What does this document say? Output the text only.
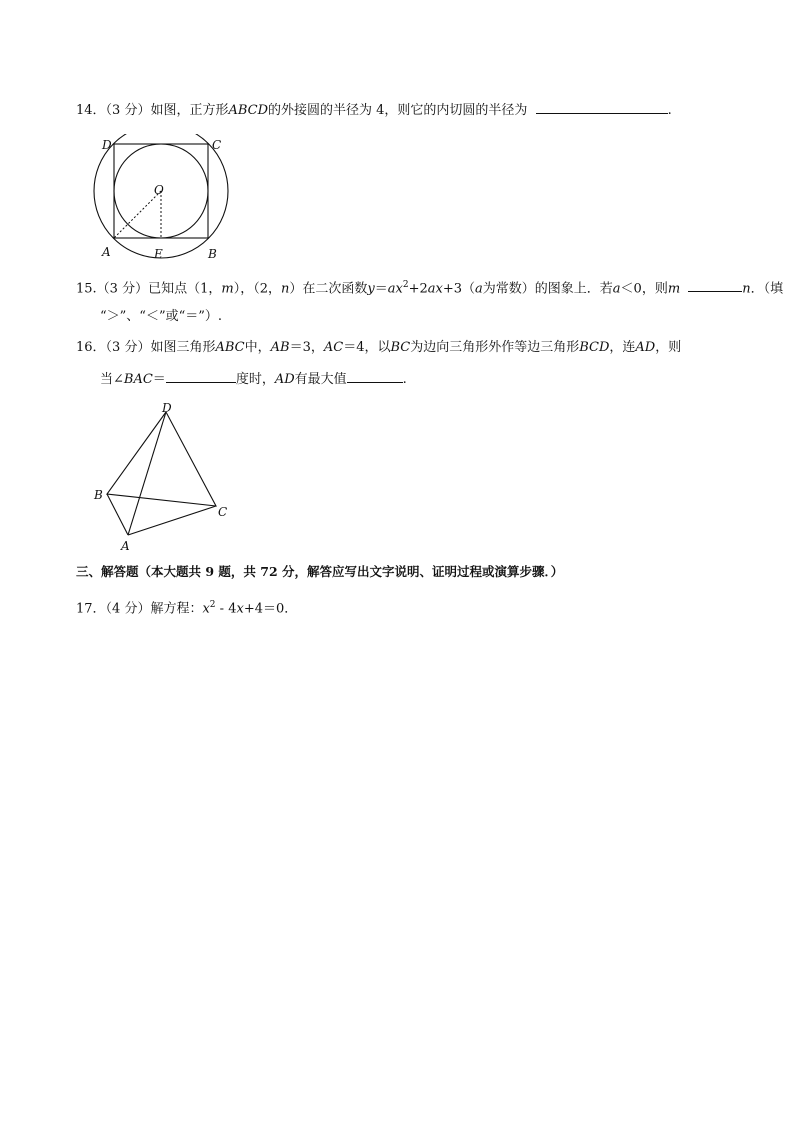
14．（3 分）如图，正方形ABCD的外接圆的半径为 4，则它的内切圆的半径为	.
D	C
O
A	E	B
15.（3 分）已知点（1，m），（2，n）在二次函数$y=ax^2+2ax+3(a$为常数）的图象上．若a＜0，则m	n．（填
“＞”、“＜”或“＝”）.
16．（3 分）如图三角形ABC中，AB＝3，AC＝4，以BC为边向三角形外作等边三角形BCD，连AD，则
当∠BAC＝	度时，AD有最大值	.
D
B
C
A
三、解答题（本大题共 9 题，共 72 分，解答应写出文字说明、证明过程或演算步骤．）
17．（4 分）解方程：$x^2 - 4x+4=0$．
